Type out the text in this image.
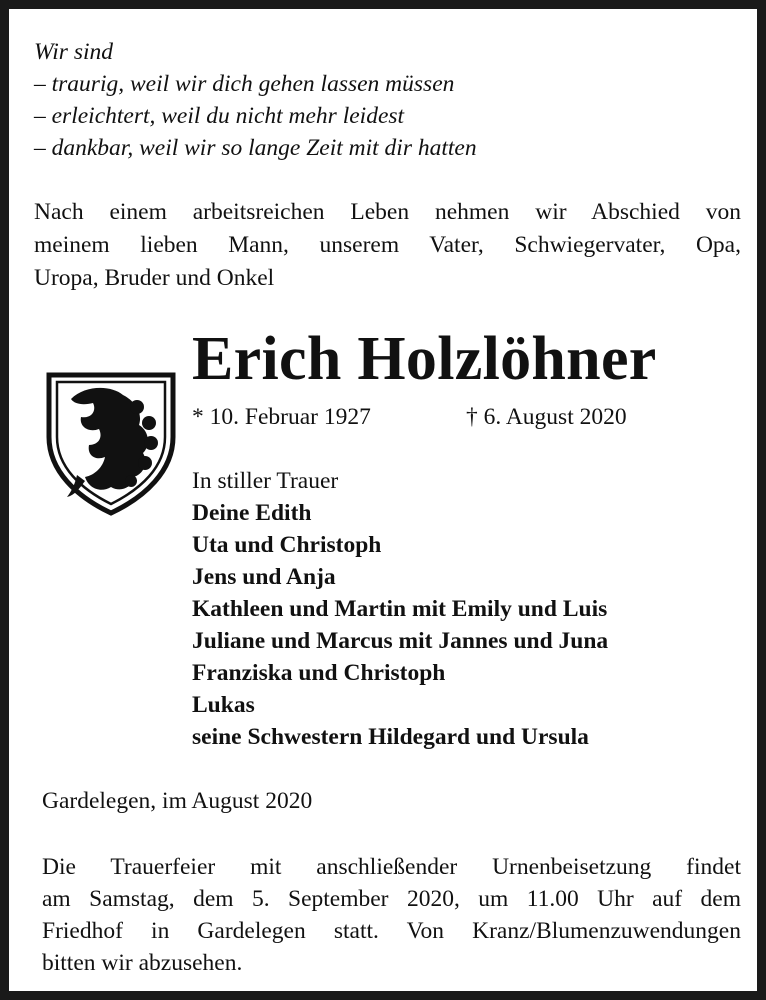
Wir sind
– traurig, weil wir dich gehen lassen müssen
– erleichtert, weil du nicht mehr leidest
– dankbar, weil wir so lange Zeit mit dir hatten
Nach einem arbeitsreichen Leben nehmen wir Abschied von
meinem lieben Mann, unserem Vater, Schwiegervater, Opa,
Uropa, Bruder und Onkel
Erich Holzlöhner
* 10. Februar 1927	† 6. August 2020
In stiller Trauer
Deine Edith
Uta und Christoph
Jens und Anja
Kathleen und Martin mit Emily und Luis
Juliane und Marcus mit Jannes und Juna
Franziska und Christoph
Lukas
seine Schwestern Hildegard und Ursula
Gardelegen, im August 2020
Die Trauerfeier mit anschließender Urnenbeisetzung findet
am Samstag, dem 5. September 2020, um 11.00 Uhr auf dem
Friedhof in Gardelegen statt. Von Kranz/Blumenzuwendungen
bitten wir abzusehen.
